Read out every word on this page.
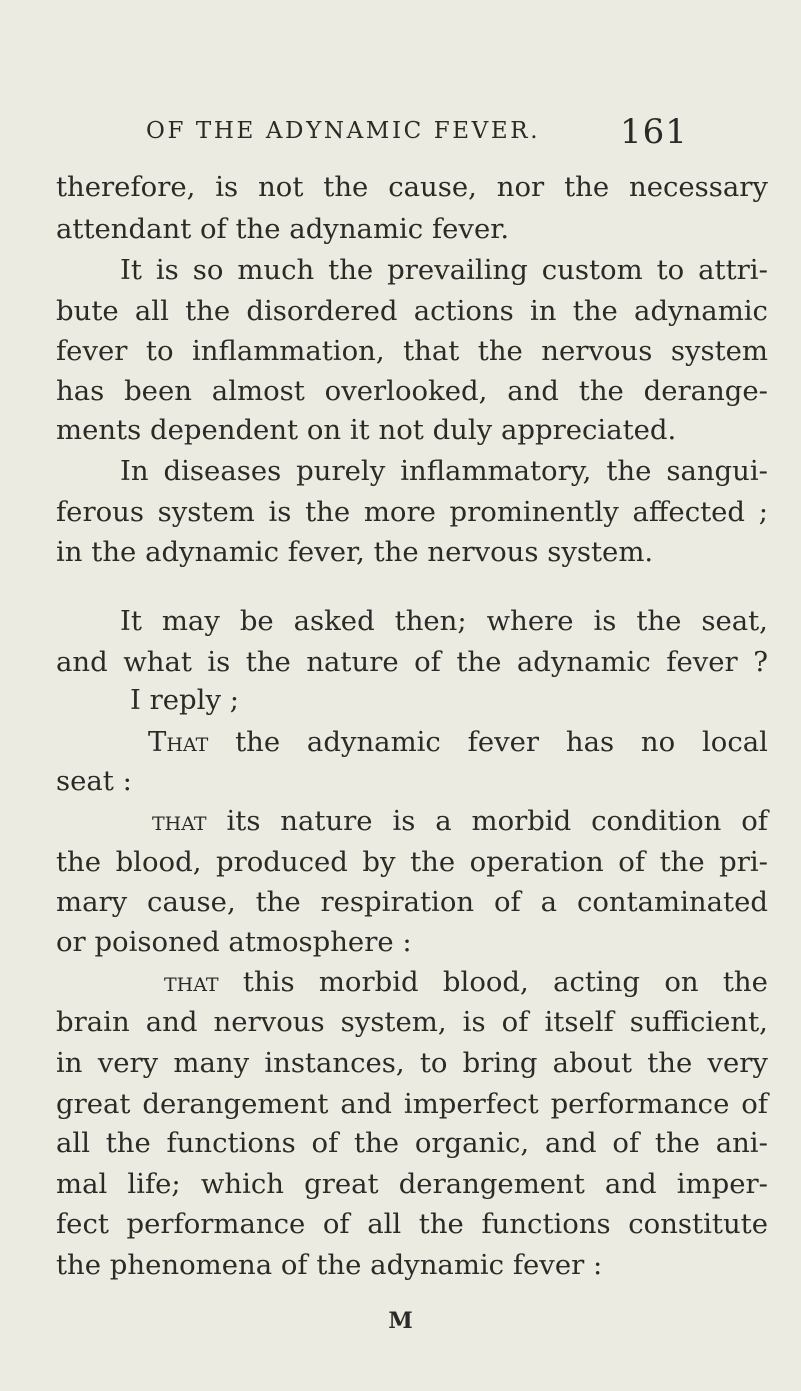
OF THE ADYNAMIC FEVER. 161
therefore, is not the cause, nor the necessary
attendant
of
the
adynamic
fever.
It is so much the prevailing custom to attri-
bute all the disordered actions in the adynamic
fever to inflammation, that the nervous system
has been almost overlooked, and the derange-
ments
dependent
on
it
not
duly
appreciated.
In diseases purely inflammatory, the sangui-
ferous system is the more prominently affected ;
in
the
adynamic
fever,
the
nervous
system.
It may be asked then; where is the seat,
and what is the nature of the adynamic fever ?
I
reply
;
That the adynamic fever has no local
seat
:
that its nature is a morbid condition of
the blood, produced by the operation of the pri-
mary cause, the respiration of a contaminated
or
poisoned
atmosphere
:
that this morbid blood, acting on the
brain and nervous system, is of itself sufficient,
in very many instances, to bring about the very
great derangement and imperfect performance of
all the functions of the organic, and of the ani-
mal life; which great derangement and imper-
fect performance of all the functions constitute
the
phenomena
of
the
adynamic
fever
:
M
